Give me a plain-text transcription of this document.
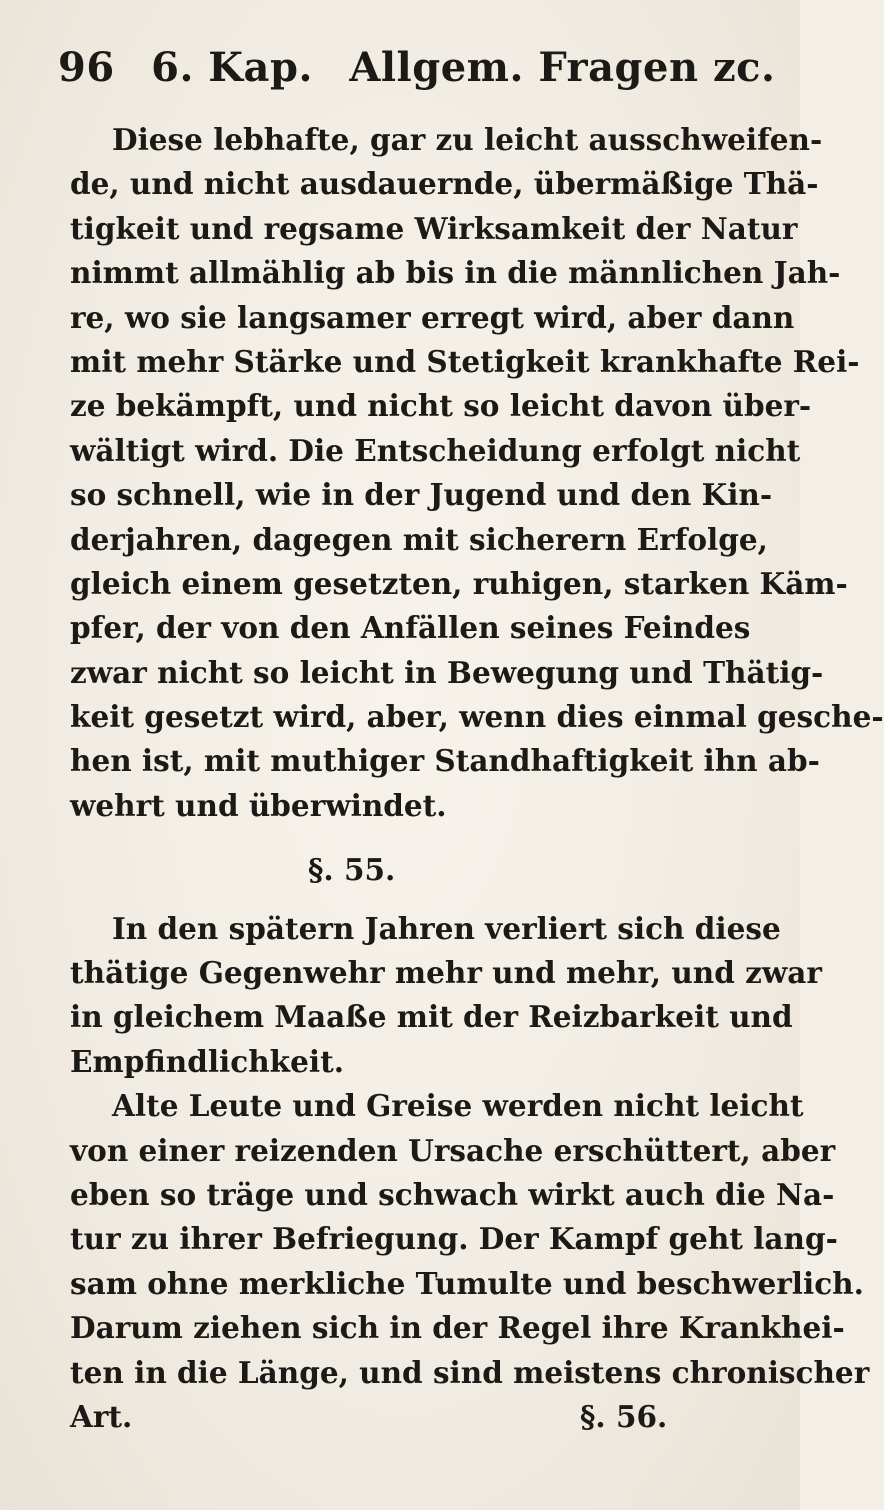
96 6. Kap. Allgem. Fragen zc.
Diese lebhafte, gar zu leicht ausschweifen-
de, und nicht ausdauernde, übermäßige Thä-
tigkeit und regsame Wirksamkeit der Natur
nimmt allmählig ab bis in die männlichen Jah-
re, wo sie langsamer erregt wird, aber dann
mit mehr Stärke und Stetigkeit krankhafte Rei-
ze bekämpft, und nicht so leicht davon über-
wältigt wird. Die Entscheidung erfolgt nicht
so schnell, wie in der Jugend und den Kin-
derjahren, dagegen mit sicherern Erfolge,
gleich einem gesetzten, ruhigen, starken Käm-
pfer, der von den Anfällen seines Feindes
zwar nicht so leicht in Bewegung und Thätig-
keit gesetzt wird, aber, wenn dies einmal gesche-
hen ist, mit muthiger Standhaftigkeit ihn ab-
wehrt und überwindet.
§. 55.
In den spätern Jahren verliert sich diese
thätige Gegenwehr mehr und mehr, und zwar
in gleichem Maaße mit der Reizbarkeit und
Empfindlichkeit.
Alte Leute und Greise werden nicht leicht
von einer reizenden Ursache erschüttert, aber
eben so träge und schwach wirkt auch die Na-
tur zu ihrer Befriegung. Der Kampf geht lang-
sam ohne merkliche Tumulte und beschwerlich.
Darum ziehen sich in der Regel ihre Krankhei-
ten in die Länge, und sind meistens chronischer
Art.	§. 56.
